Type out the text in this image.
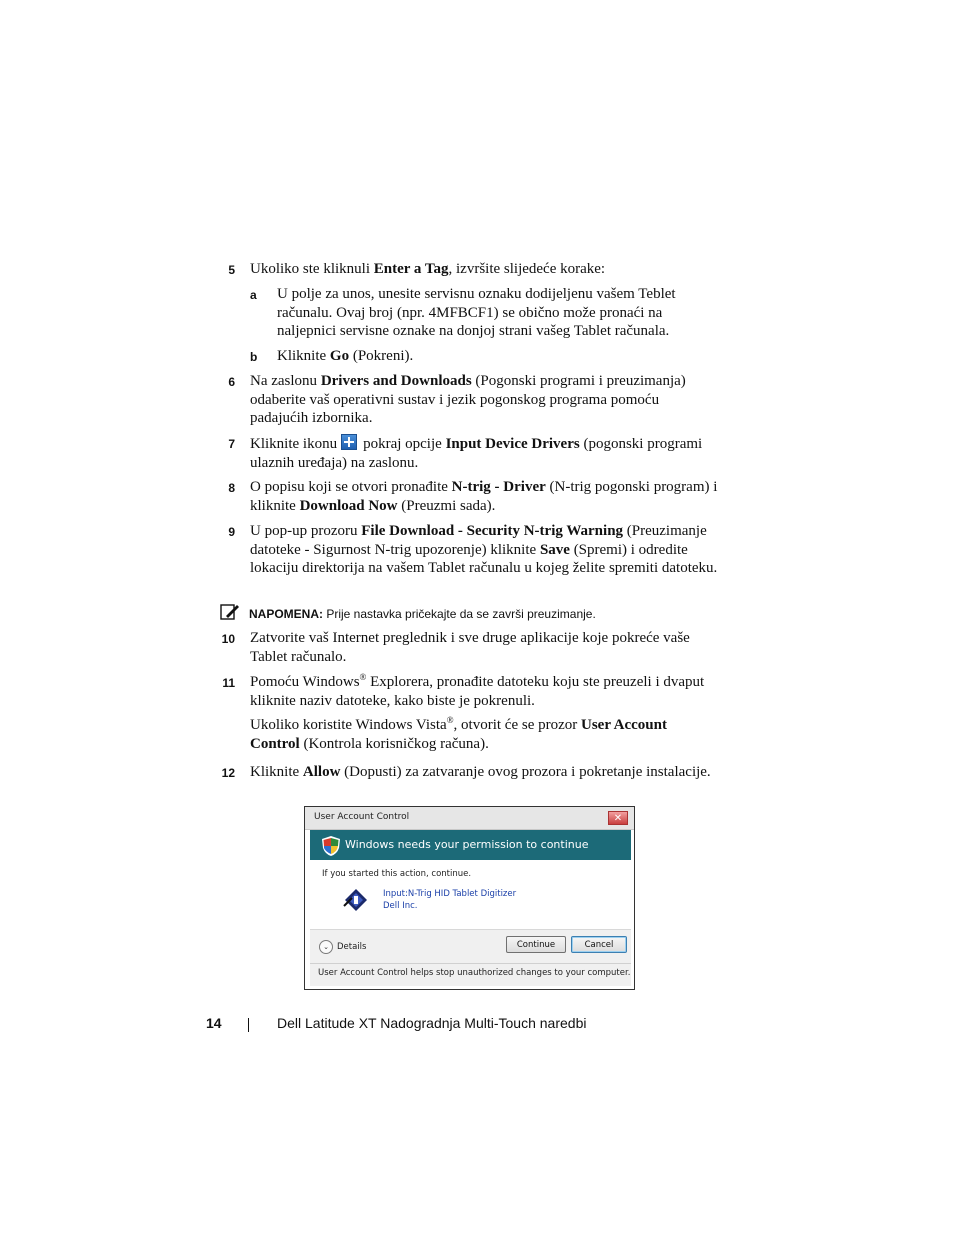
5 Ukoliko ste kliknuli Enter a Tag, izvršite slijedeće korake:
a U polje za unos, unesite servisnu oznaku dodijeljenu vašem Teblet računalu. Ovaj broj (npr. 4MFBCF1) se obično može pronaći na naljepnici servisne oznake na donjoj strani vašeg Tablet računala.
b Kliknite Go (Pokreni).
6 Na zaslonu Drivers and Downloads (Pogonski programi i preuzimanja) odaberite vaš operativni sustav i jezik pogonskog programa pomoću padajućih izbornika.
7 Kliknite ikonu pokraj opcije Input Device Drivers (pogonski programi ulaznih uređaja) na zaslonu.
8 O popisu koji se otvori pronađite N-trig - Driver (N-trig pogonski program) i kliknite Download Now (Preuzmi sada).
9 U pop-up prozoru File Download - Security N-trig Warning (Preuzimanje datoteke - Sigurnost N-trig upozorenje) kliknite Save (Spremi) i odredite lokaciju direktorija na vašem Tablet računalu u kojeg želite spremiti datoteku.
NAPOMENA: Prije nastavka pričekajte da se završi preuzimanje.
10 Zatvorite vaš Internet preglednik i sve druge aplikacije koje pokreće vaše Tablet računalo.
11 Pomoću Windows® Explorera, pronađite datoteku koju ste preuzeli i dvaput kliknite naziv datoteke, kako biste je pokrenuli.
Ukoliko koristite Windows Vista®, otvorit će se prozor User Account Control (Kontrola korisničkog računa).
12 Kliknite Allow (Dopusti) za zatvaranje ovog prozora i pokretanje instalacije.
User Account Control	✕
Windows needs your permission to continue
If you started this action, continue.
Input:N-Trig HID Tablet Digitizer
Dell Inc.
⌄ Details	Continue	Cancel
User Account Control helps stop unauthorized changes to your computer.
14	Dell Latitude XT Nadogradnja Multi-Touch naredbi
